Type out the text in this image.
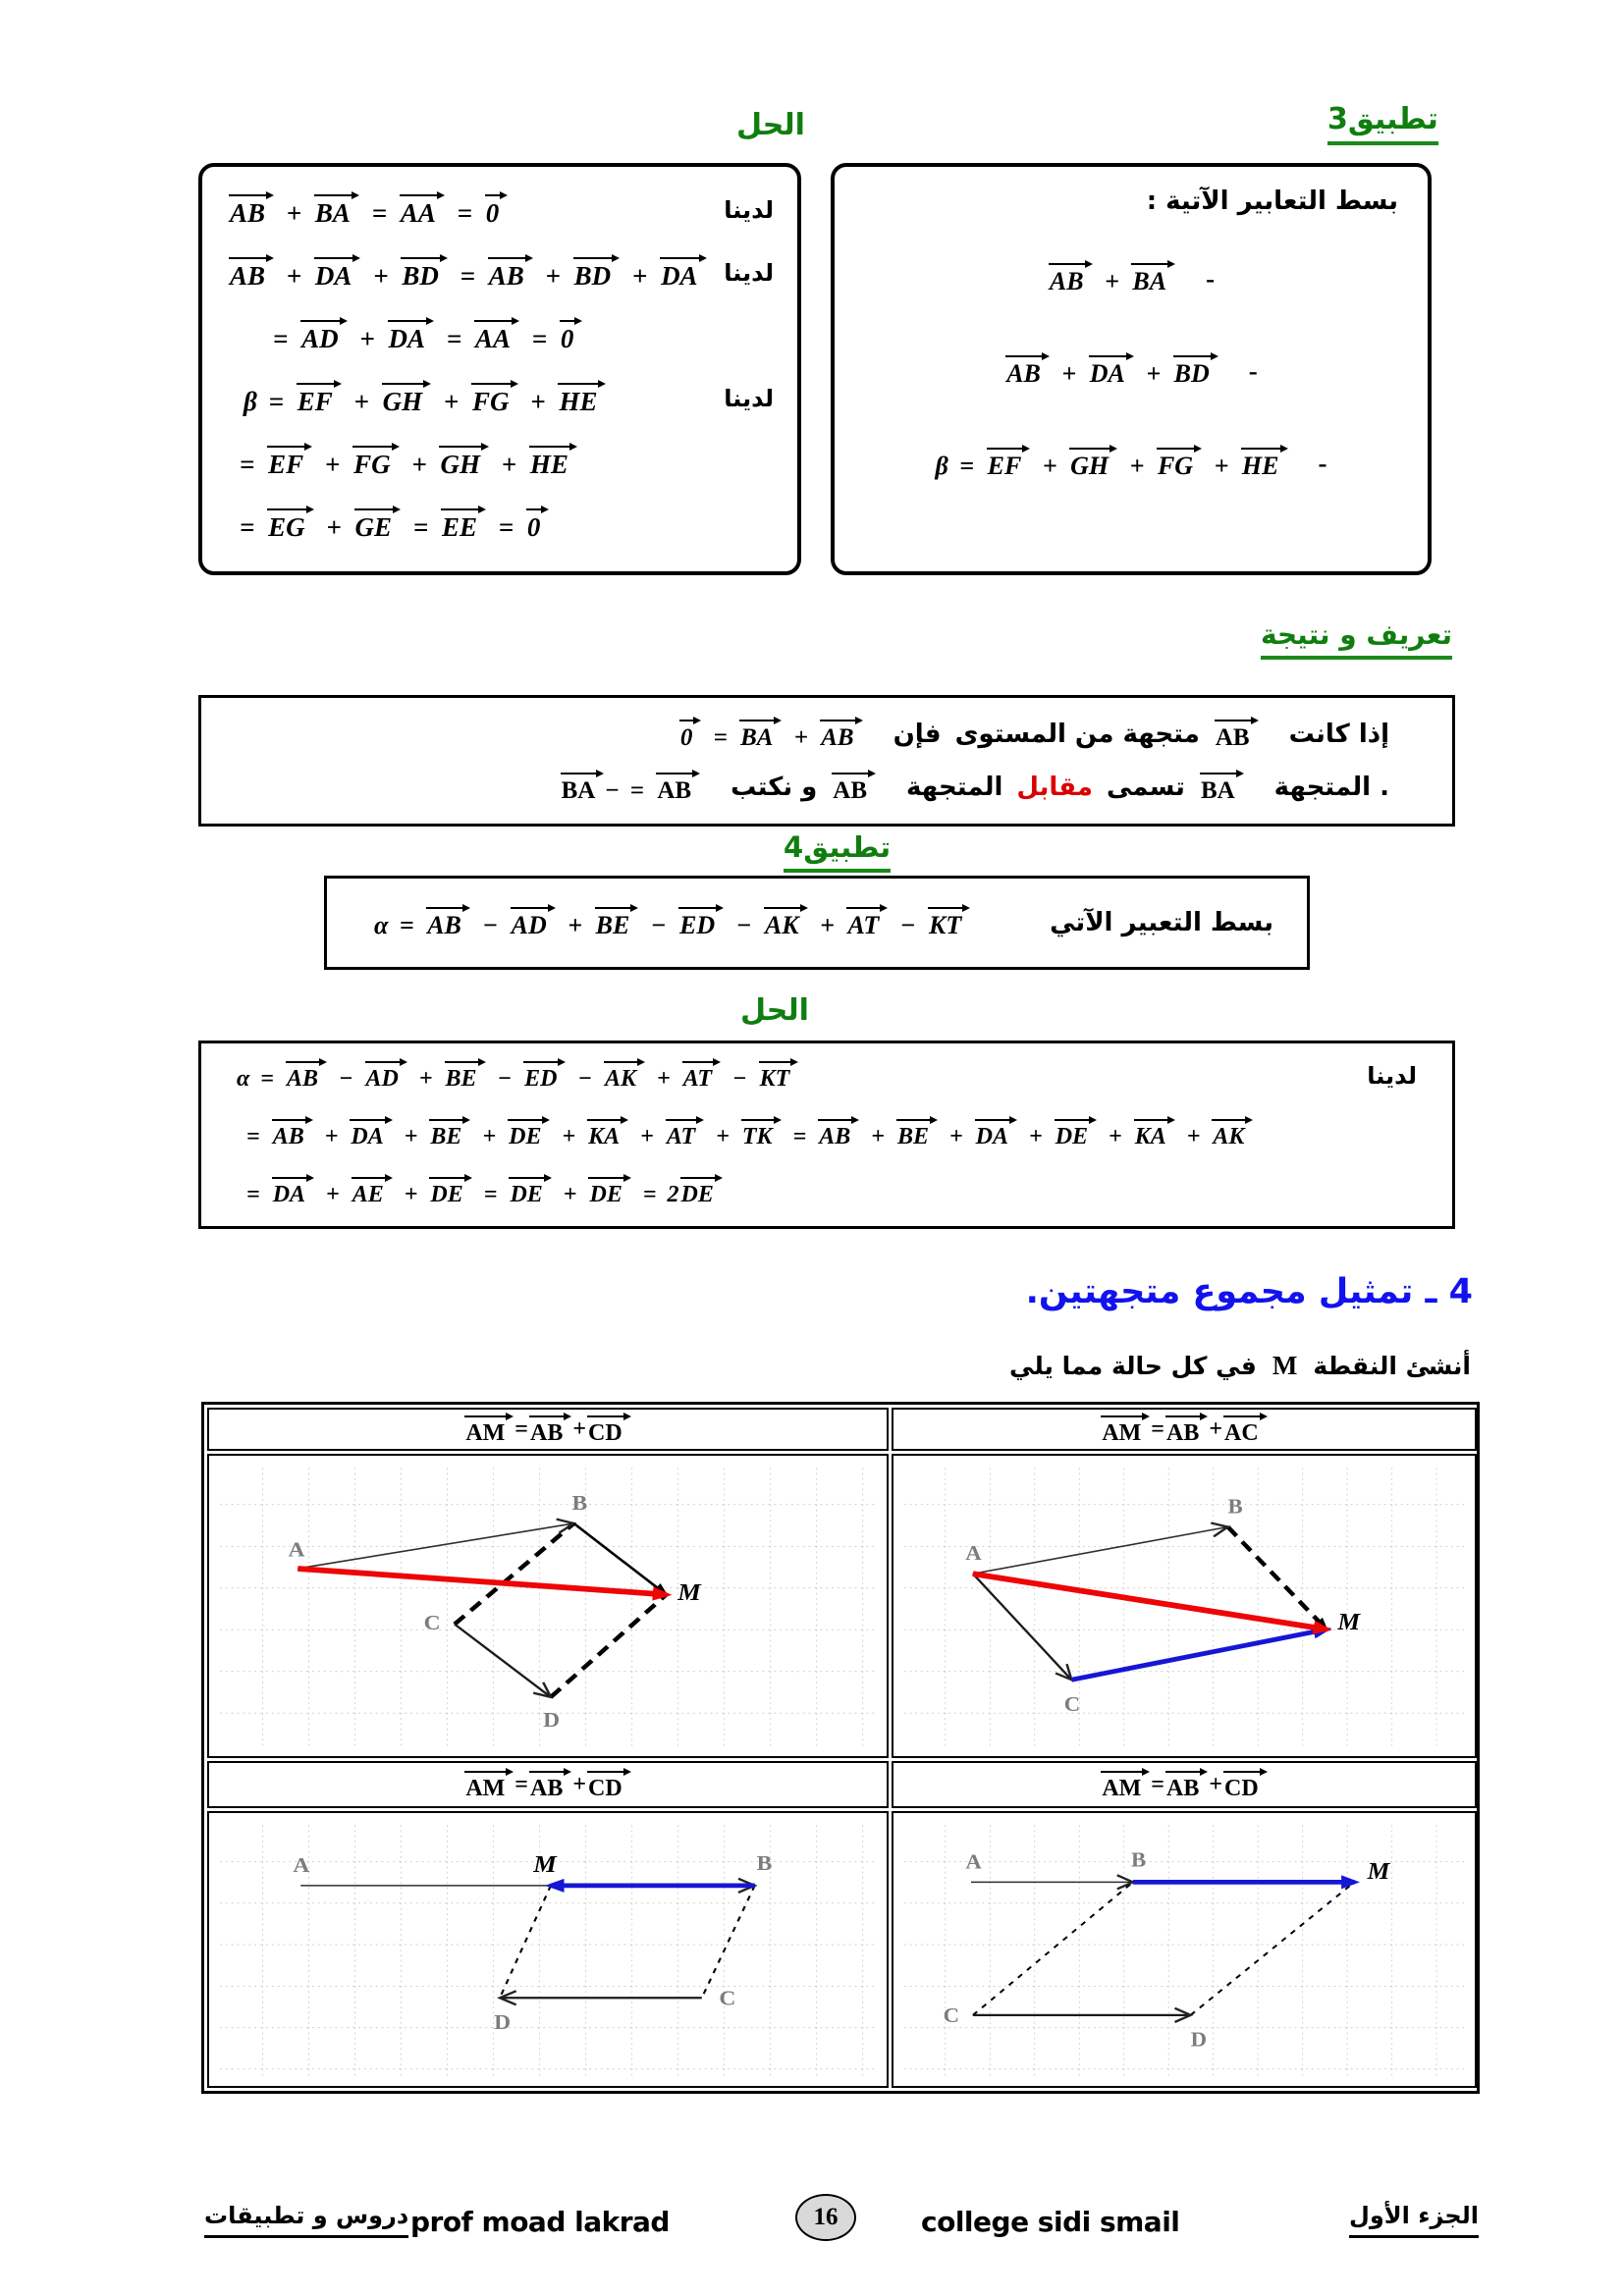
الحل	تطبيق3
AB + BA = AA = 0	لدينا
AB + DA + BD = AB + BD + DA	لدينا
= AD + DA = AA = 0
β = EF + GH + FG + HE	لدينا
= EF + FG + GH + HE
= EG + GE = EE = 0
بسط التعابير الآتية :
AB + BA	-
AB + DA + BD	-
β = EF + GH + FG + HE	-
تعريف و نتيجة
إذا كانت
AB
متجهة من المستوى
فإن
AB + BA = 0
. المتجهة
BA
تسمى
مقابل
المتجهة
AB
و نكتب
AB = −BA
تطبيق4
α = AB − AD + BE − ED − AK + AT − KT	بسط التعبير الآتي
الحل
α = AB − AD + BE − ED − AK + AT − KT	لدينا
= AB + DA + BE + DE + KA + AT + TK = AB + BE + DA + DE + KA + AK
= DA + AE + DE = DE + DE = 2DE
4 ـ تمثيل مجموع متجهتين.
أنشئ النقطة
M
في كل حالة مما يلي
AM = AB + CD	AM = AB + AC
A
B
C
D
M
A
B
C
M
AM = AB + CD	AM = AB + CD
A	B
M
C
D
A	B	M
C
D
دروس و تطبيقات prof moad lakrad	16	college sidi smail	الجزء الأول
